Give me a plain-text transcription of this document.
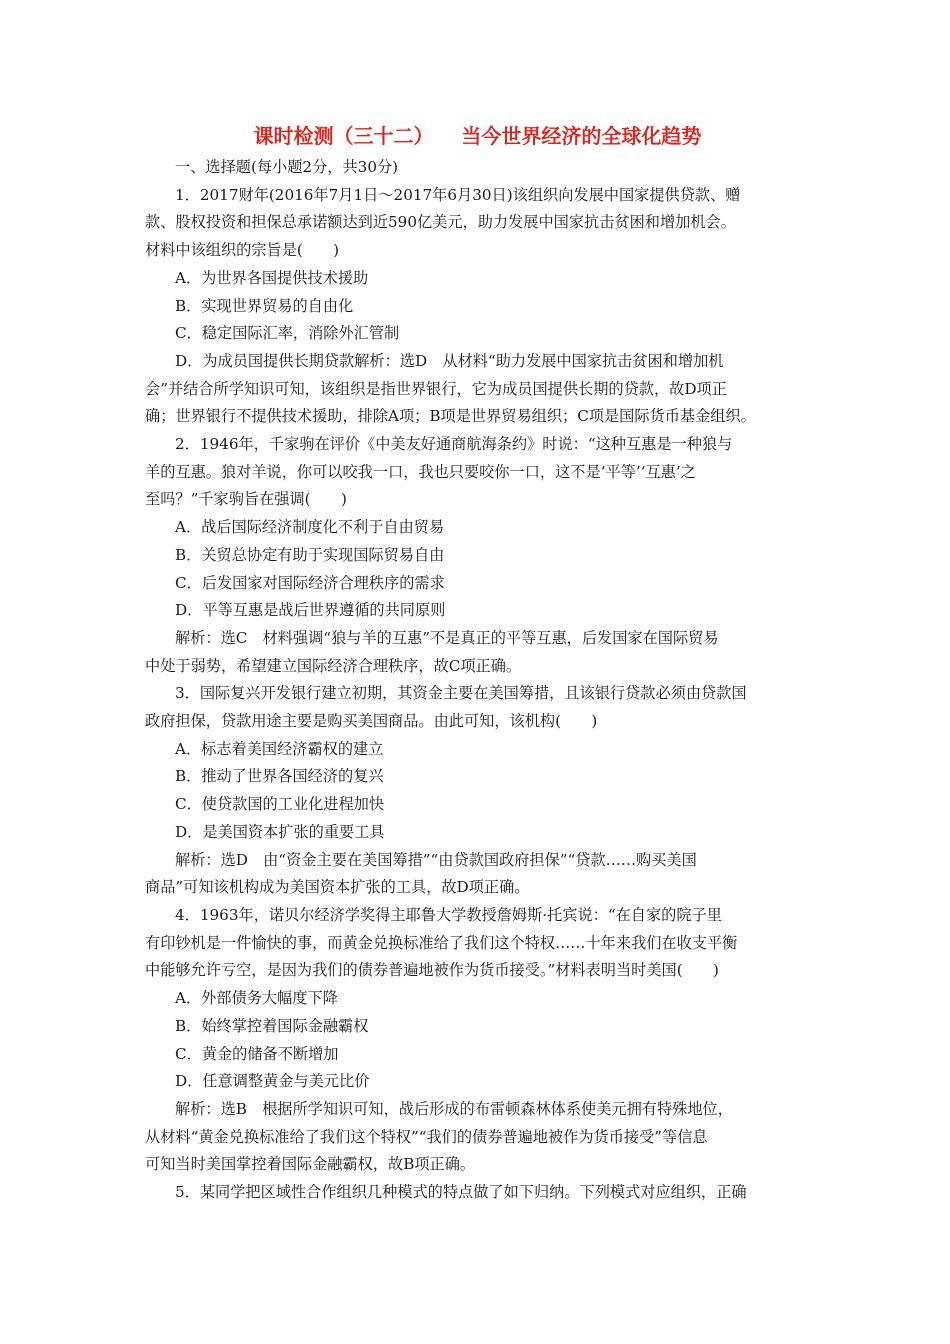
课时检测（三十二）    当今世界经济的全球化趋势

一、选择题(每小题2分，共30分)

1．2017财年(2016年7月1日～2017年6月30日)该组织向发展中国家提供贷款、赠

款、股权投资和担保总承诺额达到近590亿美元，助力发展中国家抗击贫困和增加机会。

材料中该组织的宗旨是(　　)

A．为世界各国提供技术援助

B．实现世界贸易的自由化

C．稳定国际汇率，消除外汇管制

D．为成员国提供长期贷款解析：选D　从材料“助力发展中国家抗击贫困和增加机

会”并结合所学知识可知，该组织是指世界银行，它为成员国提供长期的贷款，故D项正

确；世界银行不提供技术援助，排除A项；B项是世界贸易组织；C项是国际货币基金组织。

2．1946年，千家驹在评价《中美友好通商航海条约》时说：“这种互惠是一种狼与

羊的互惠。狼对羊说，你可以咬我一口，我也只要咬你一口，这不是‘平等’‘互惠’之

至吗？”千家驹旨在强调(　　)

A．战后国际经济制度化不利于自由贸易

B．关贸总协定有助于实现国际贸易自由

C．后发国家对国际经济合理秩序的需求

D．平等互惠是战后世界遵循的共同原则

解析：选C　材料强调“狼与羊的互惠”不是真正的平等互惠，后发国家在国际贸易

中处于弱势，希望建立国际经济合理秩序，故C项正确。

3．国际复兴开发银行建立初期，其资金主要在美国筹措，且该银行贷款必须由贷款国

政府担保，贷款用途主要是购买美国商品。由此可知，该机构(　　)

A．标志着美国经济霸权的建立

B．推动了世界各国经济的复兴

C．使贷款国的工业化进程加快

D．是美国资本扩张的重要工具

解析：选D　由“资金主要在美国筹措”“由贷款国政府担保”“贷款……购买美国

商品”可知该机构成为美国资本扩张的工具，故D项正确。

4．1963年，诺贝尔经济学奖得主耶鲁大学教授詹姆斯·托宾说：“在自家的院子里

有印钞机是一件愉快的事，而黄金兑换标准给了我们这个特权……十年来我们在收支平衡

中能够允许亏空，是因为我们的债券普遍地被作为货币接受。”材料表明当时美国(　　)

A．外部债务大幅度下降

B．始终掌控着国际金融霸权

C．黄金的储备不断增加

D．任意调整黄金与美元比价

解析：选B　根据所学知识可知，战后形成的布雷顿森林体系使美元拥有特殊地位，

从材料“黄金兑换标准给了我们这个特权”“我们的债券普遍地被作为货币接受”等信息

可知当时美国掌控着国际金融霸权，故B项正确。

5．某同学把区域性合作组织几种模式的特点做了如下归纳。下列模式对应组织，正确
